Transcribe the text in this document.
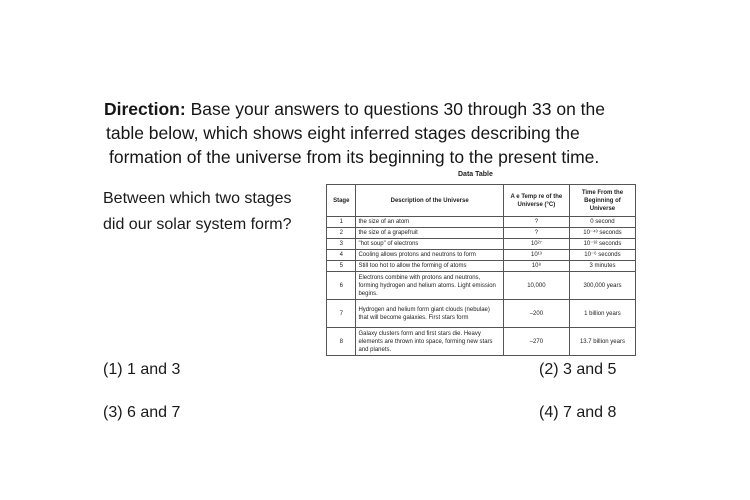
Direction: Base your answers to questions 30 through 33 on the
table below, which shows eight inferred stages describing the
formation of the universe from its beginning to the present time.
Between which two stages
did our solar system form?
Data Table
Stage	Description of the Universe	A e Temp re of the Universe (°C)	Time From the Beginning of Universe
1	the size of an atom	?	0 second
2	the size of a grapefruit	?	10⁻⁴³ seconds
3	"hot soup" of electrons	10²⁷	10⁻³² seconds
4	Cooling allows protons and neutrons to form	10¹³	10⁻⁶ seconds
5	Still too hot to allow the forming of atoms	10⁸	3 minutes
6	Electrons combine with protons and neutrons, forming hydrogen and helium atoms. Light emission begins.	10,000	300,000 years
7	Hydrogen and helium form giant clouds (nebulae) that will become galaxies. First stars form	–200	1 billion years
8	Galaxy clusters form and first stars die. Heavy elements are thrown into space, forming new stars and planets.	–270	13.7 billion years
(1) 1 and 3	(2) 3 and 5
(3) 6 and 7	(4) 7 and 8
